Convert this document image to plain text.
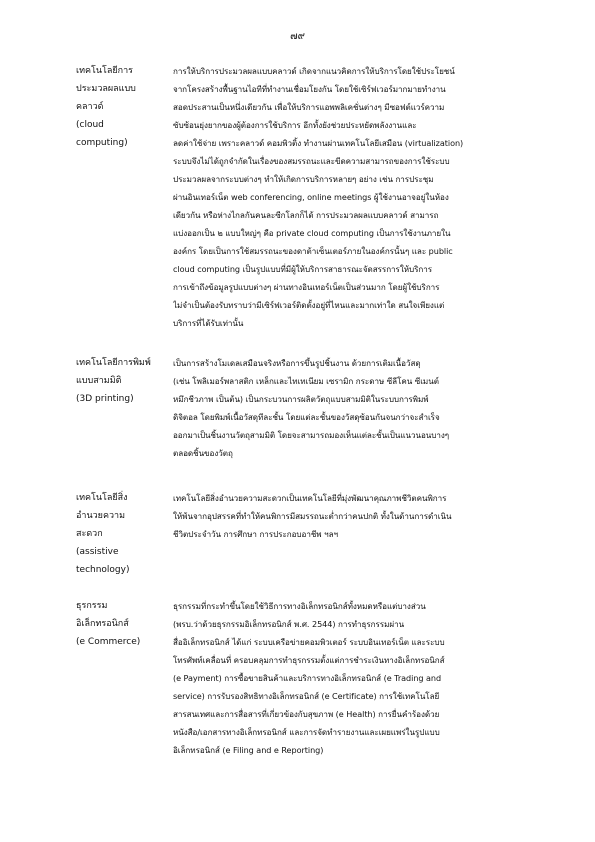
๗๙
เทคโนโลยีการ
ประมวลผลแบบ
คลาวด์
(cloud
computing)
การให้บริการประมวลผลแบบคลาวด์ เกิดจากแนวคิดการให้บริการโดยใช้ประโยชน์
จากโครงสร้างพื้นฐานไอทีที่ทำงานเชื่อมโยงกัน โดยใช้เซิร์ฟเวอร์มากมายทำงาน
สอดประสานเป็นหนึ่งเดียวกัน เพื่อให้บริการแอพพลิเคชั่นต่างๆ มีซอฟต์แวร์ความ
ซับซ้อนยุ่งยากของผู้ต้องการใช้บริการ อีกทั้งยังช่วยประหยัดพลังงานและ
ลดค่าใช้จ่าย เพราะคลาวด์ คอมพิวติ้ง ทำงานผ่านเทคโนโลยีเสมือน (virtualization)
ระบบจึงไม่ได้ถูกจำกัดในเรื่องของสมรรถนะและขีดความสามารถของการใช้ระบบ
ประมวลผลจากระบบต่างๆ ทำให้เกิดการบริการหลายๆ อย่าง เช่น การประชุม
ผ่านอินเทอร์เน็ต web conferencing, online meetings ผู้ใช้งานอาจอยู่ในห้อง
เดียวกัน หรือห่างไกลกันคนละซีกโลกก็ได้ การประมวลผลแบบคลาวด์ สามารถ
แบ่งออกเป็น ๒ แบบใหญ่ๆ คือ private cloud computing เป็นการใช้งานภายใน
องค์กร โดยเป็นการใช้สมรรถนะของดาต้าเซ็นเตอร์ภายในองค์กรนั้นๆ และ public
cloud computing เป็นรูปแบบที่มีผู้ให้บริการสาธารณะจัดสรรการให้บริการ
การเข้าถึงข้อมูลรูปแบบต่างๆ ผ่านทางอินเทอร์เน็ตเป็นส่วนมาก โดยผู้ใช้บริการ
ไม่จำเป็นต้องรับทราบว่ามีเซิร์ฟเวอร์ติดตั้งอยู่ที่ไหนและมากเท่าใด สนใจเพียงแต่
บริการที่ได้รับเท่านั้น
เทคโนโลยีการพิมพ์
แบบสามมิติ
(3D printing)
เป็นการสร้างโมเดลเสมือนจริงหรือการขึ้นรูปชิ้นงาน ด้วยการเติมเนื้อวัสดุ
(เช่น โพลิเมอร์พลาสติก เหล็กและไทเทเนียม เซรามิก กระดาษ ซีลีโคน ซีเมนต์
หมึกชีวภาพ เป็นต้น) เป็นกระบวนการผลิตวัตถุแบบสามมิติในระบบการพิมพ์
ดิจิตอล โดยพิมพ์เนื้อวัสดุทีละชั้น โดยแต่ละชั้นของวัสดุซ้อนกันจนกว่าจะสำเร็จ
ออกมาเป็นชิ้นงานวัตถุสามมิติ โดยจะสามารถมองเห็นแต่ละชั้นเป็นแนวนอนบางๆ
ตลอดชิ้นของวัตถุ
เทคโนโลยีสิ่ง
อำนวยความ
สะดวก
(assistive
technology)
เทคโนโลยีสิ่งอำนวยความสะดวกเป็นเทคโนโลยีที่มุ่งพัฒนาคุณภาพชีวิตคนพิการ
ให้พ้นจากอุปสรรคที่ทำให้คนพิการมีสมรรถนะต่ำกว่าคนปกติ ทั้งในด้านการดำเนิน
ชีวิตประจำวัน การศึกษา การประกอบอาชีพ ฯลฯ
ธุรกรรม
อิเล็กทรอนิกส์
(e Commerce)
ธุรกรรมที่กระทำขึ้นโดยใช้วิธีการทางอิเล็กทรอนิกส์ทั้งหมดหรือแต่บางส่วน
(พรบ.ว่าด้วยธุรกรรมอิเล็กทรอนิกส์ พ.ศ. 2544) การทำธุรกรรมผ่าน
สื่ออิเล็กทรอนิกส์ ได้แก่ ระบบเครือข่ายคอมพิวเตอร์ ระบบอินเทอร์เน็ต และระบบ
โทรศัพท์เคลื่อนที่ ครอบคลุมการทำธุรกรรมตั้งแต่การชำระเงินทางอิเล็กทรอนิกส์
(e Payment) การซื้อขายสินค้าและบริการทางอิเล็กทรอนิกส์ (e Trading and
service) การรับรองสิทธิทางอิเล็กทรอนิกส์ (e Certificate) การใช้เทคโนโลยี
สารสนเทศและการสื่อสารที่เกี่ยวข้องกับสุขภาพ (e Health) การยื่นคำร้องด้วย
หนังสือ/เอกสารทางอิเล็กทรอนิกส์ และการจัดทำรายงานและเผยแพร่ในรูปแบบ
อิเล็กทรอนิกส์ (e Filing and e Reporting)
